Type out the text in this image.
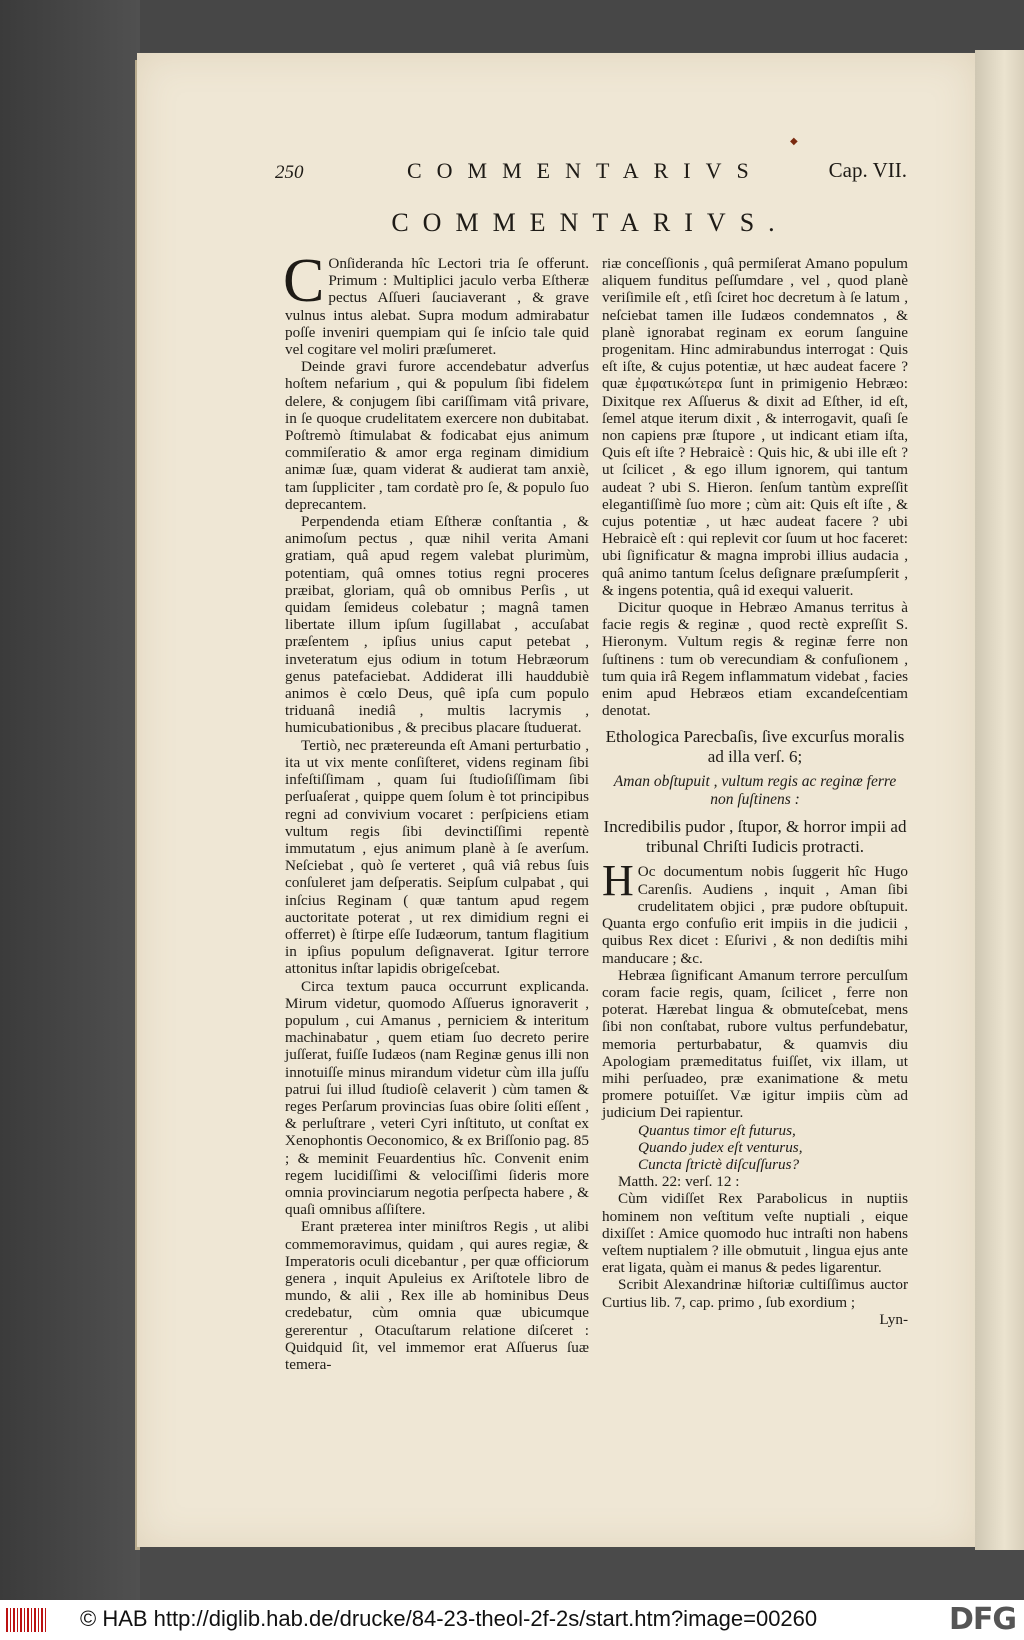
◆
250	COMMENTARIVS	Cap. VII.
COMMENTARIVS.

C Onſideranda hîc Lectori tria ſe offerunt. Primum : Multiplici jaculo verba Eſtheræ pectus Aſſueri ſauciaverant , & grave vulnus intus alebat. Supra modum admirabatur poſſe inveniri quempiam qui ſe inſcio tale quid vel cogitare vel moliri præſumeret.

Deinde gravi furore accendebatur adverſus hoſtem nefarium , qui & populum ſibi fidelem delere, & conjugem ſibi cariſſimam vitâ privare, in ſe quoque crudelitatem exercere non dubitabat. Poſtremò ſtimulabat & fodicabat ejus animum commiſeratio & amor erga reginam dimidium animæ ſuæ, quam viderat & audierat tam anxiè, tam ſuppliciter , tam cordatè pro ſe, & populo ſuo deprecantem.

Perpendenda etiam Eſtheræ conſtantia , & animoſum pectus , quæ nihil verita Amani gratiam, quâ apud regem valebat plurimùm, potentiam, quâ omnes totius regni proceres præibat, gloriam, quâ ob omnibus Perſis , ut quidam ſemideus colebatur ; magnâ tamen libertate illum ipſum ſugillabat , accuſabat præſentem , ipſius unius caput petebat , inveteratum ejus odium in totum Hebræorum genus patefaciebat. Addiderat illi hauddubiè animos è cœlo Deus, quê ipſa cum populo triduanâ inediâ , multis lacrymis , humicubationibus , & precibus placare ſtuduerat.

Tertiò, nec prætereunda eſt Amani perturbatio , ita ut vix mente conſiſteret, videns reginam ſibi infeſtiſſimam , quam ſui ſtudioſiſſimam ſibi perſuaſerat , quippe quem ſolum è tot principibus regni ad convivium vocaret : perſpiciens etiam vultum regis ſibi devinctiſſimi repentè immutatum , ejus animum planè à ſe averſum. Neſciebat , quò ſe verteret , quâ viâ rebus ſuis conſuleret jam deſperatis. Seipſum culpabat , qui inſcius Reginam ( quæ tantum apud regem auctoritate poterat , ut rex dimidium regni ei offerret) è ſtirpe eſſe Iudæorum, tantum flagitium in ipſius populum deſignaverat. Igitur terrore attonitus inſtar lapidis obrigeſcebat.

Circa textum pauca occurrunt explicanda. Mirum videtur, quomodo Aſſuerus ignoraverit , populum , cui Amanus , perniciem & interitum machinabatur , quem etiam ſuo decreto perire juſſerat, fuiſſe Iudæos (nam Reginæ genus illi non innotuiſſe minus mirandum videtur cùm illa juſſu patrui ſui illud ſtudioſè celaverit ) cùm tamen & reges Perſarum provincias ſuas obire ſoliti eſſent , & perluſtrare , veteri Cyri inſtituto, ut conſtat ex Xenophontis Oeconomico, & ex Briſſonio pag. 85 ; & meminit Feuardentius hîc. Convenit enim regem lucidiſſimi & velociſſimi ſideris more omnia provinciarum negotia perſpecta habere , & quaſi omnibus aſſiſtere.

Erant præterea inter miniſtros Regis , ut alibi commemoravimus, quidam , qui aures regiæ, & Imperatoris oculi dicebantur , per quæ officiorum genera , inquit Apuleius ex Ariſtotele libro de mundo, & alii , Rex ille ab hominibus Deus credebatur, cùm omnia quæ ubicumque gererentur , Otacuſtarum relatione diſceret : Quidquid ſit, vel immemor erat Aſſuerus ſuæ temera-

riæ conceſſionis , quâ permiſerat Amano populum aliquem funditus peſſumdare , vel , quod planè veriſimile eſt , etſi ſciret hoc decretum à ſe latum , neſciebat tamen ille Iudæos condemnatos , & planè ignorabat reginam ex eorum ſanguine progenitam. Hinc admirabundus interrogat : Quis eſt iſte, & cujus potentiæ, ut hæc audeat facere ? quæ ἐμφατικώτερα ſunt in primigenio Hebræo: Dixitque rex Aſſuerus & dixit ad Eſther, id eſt, ſemel atque iterum dixit , & interrogavit, quaſi ſe non capiens præ ſtupore , ut indicant etiam iſta, Quis eſt iſte ? Hebraicè : Quis hic, & ubi ille eſt ? ut ſcilicet , & ego illum ignorem, qui tantum audeat ? ubi S. Hieron. ſenſum tantùm expreſſit elegantiſſimè ſuo more ; cùm ait: Quis eſt iſte , & cujus potentiæ , ut hæc audeat facere ? ubi Hebraicè eſt : qui replevit cor ſuum ut hoc faceret: ubi ſignificatur & magna improbi illius audacia , quâ animo tantum ſcelus deſignare præſumpſerit , & ingens potentia, quâ id exequi valuerit.

Dicitur quoque in Hebræo Amanus territus à facie regis & reginæ , quod rectè expreſſit S. Hieronym. Vultum regis & reginæ ferre non ſuſtinens : tum ob verecundiam & confuſionem , tum quia irâ Regem inflammatum videbat , facies enim apud Hebræos etiam excandeſcentiam denotat.

Ethologica Parecbaſis, ſive excurſus moralis ad illa verſ. 6;
Aman obſtupuit , vultum regis ac reginæ ferre non ſuſtinens :
Incredibilis pudor , ſtupor, & horror impii ad tribunal Chriſti Iudicis protracti.

H Oc documentum nobis ſuggerit hîc Hugo Carenſis. Audiens , inquit , Aman ſibi crudelitatem objici , præ pudore obſtupuit. Quanta ergo confuſio erit impiis in die judicii , quibus Rex dicet : Eſurivi , & non dediſtis mihi manducare ; &c.

Hebræa ſignificant Amanum terrore perculſum coram facie regis, quam, ſcilicet , ferre non poterat. Hærebat lingua & obmuteſcebat, mens ſibi non conſtabat, rubore vultus perfundebatur, memoria perturbabatur, & quamvis diu Apologiam præmeditatus fuiſſet, vix illam, ut mihi perſuadeo, præ exanimatione & metu promere potuiſſet. Væ igitur impiis cùm ad judicium Dei rapientur.

Quantus timor eſt futurus,
Quando judex eſt venturus,
Cuncta ſtrictè diſcuſſurus?

Matth. 22: verſ. 12 :

Cùm vidiſſet Rex Parabolicus in nuptiis hominem non veſtitum veſte nuptiali , eique dixiſſet : Amice quomodo huc intraſti non habens veſtem nuptialem ? ille obmutuit , lingua ejus ante erat ligata, quàm ei manus & pedes ligarentur.

Scribit Alexandrinæ hiſtoriæ cultiſſimus auctor Curtius lib. 7, cap. primo , ſub exordium ;

Lyn-
© HAB http://diglib.hab.de/drucke/84-23-theol-2f-2s/start.htm?image=00260	DFG
